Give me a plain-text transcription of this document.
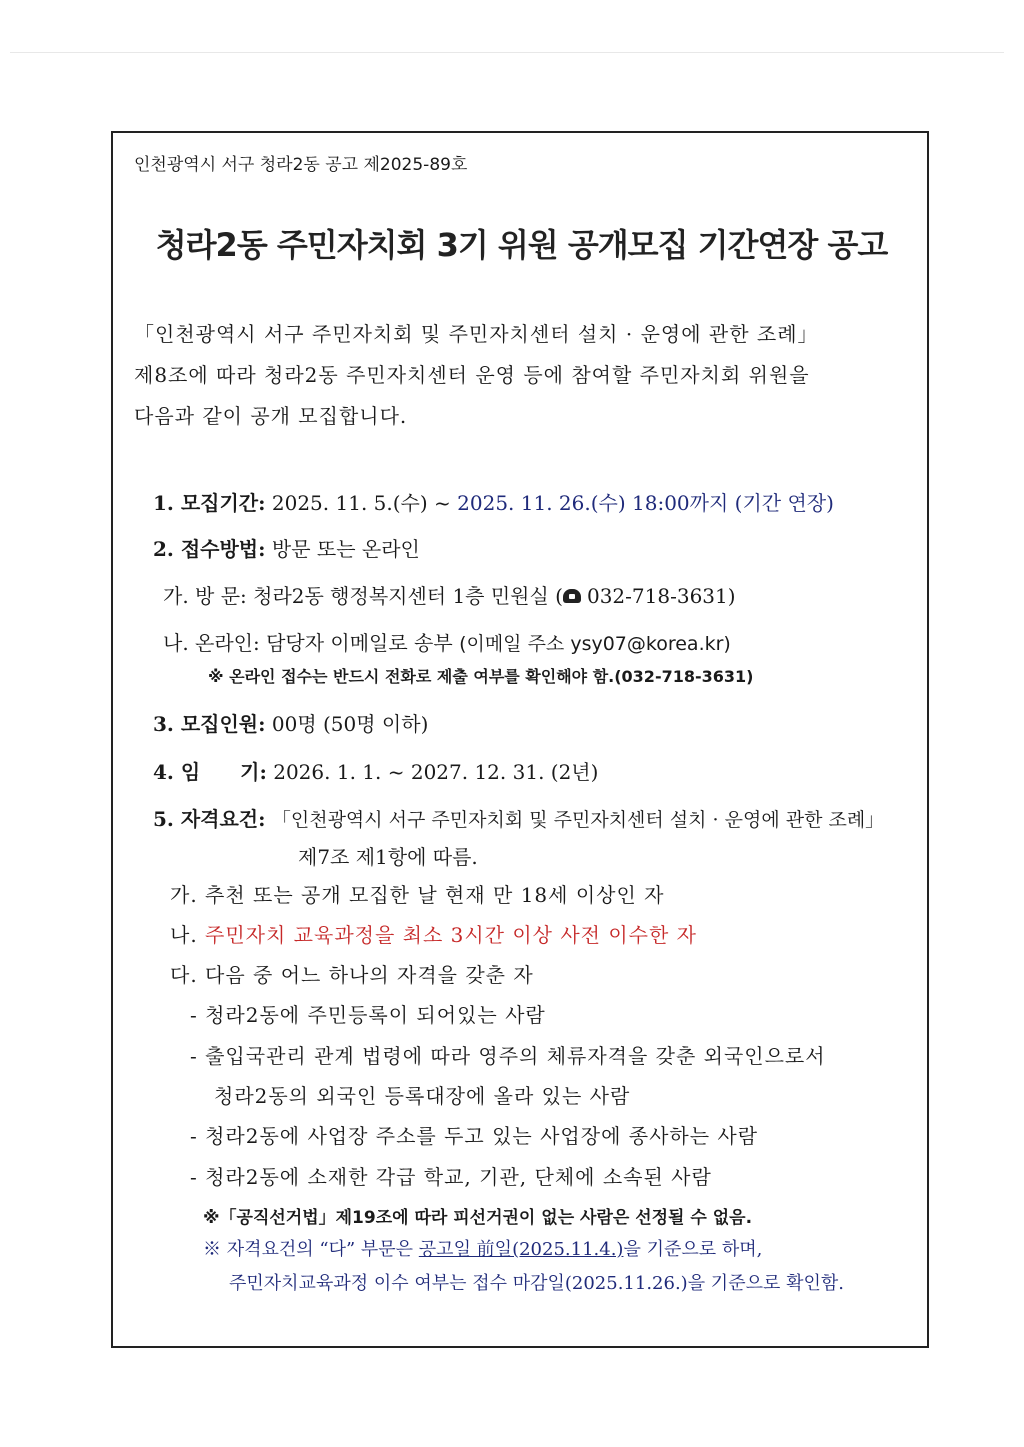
인천광역시 서구 청라2동 공고 제2025-89호
청라2동 주민자치회 3기 위원 공개모집 기간연장 공고
「인천광역시 서구 주민자치회 및 주민자치센터 설치 · 운영에 관한 조례」
제8조에 따라 청라2동 주민자치센터 운영 등에 참여할 주민자치회 위원을
다음과 같이 공개 모집합니다.
1. 모집기간: 2025. 11. 5.(수) ~ 2025. 11. 26.(수) 18:00까지 (기간 연장)
2. 접수방법: 방문 또는 온라인
가. 방 문: 청라2동 행정복지센터 1층 민원실 ( 032-718-3631)
나. 온라인: 담당자 이메일로 송부 (이메일 주소 ysy07@korea.kr)
※ 온라인 접수는 반드시 전화로 제출 여부를 확인해야 함.(032-718-3631)
3. 모집인원: 00명 (50명 이하)
4. 임　　기: 2026. 1. 1. ~ 2027. 12. 31. (2년)
5. 자격요건: 「인천광역시 서구 주민자치회 및 주민자치센터 설치 · 운영에 관한 조례」
제7조 제1항에 따름.
가. 추천 또는 공개 모집한 날 현재 만 18세 이상인 자
나. 주민자치 교육과정을 최소 3시간 이상 사전 이수한 자
다. 다음 중 어느 하나의 자격을 갖춘 자
- 청라2동에 주민등록이 되어있는 사람
- 출입국관리 관계 법령에 따라 영주의 체류자격을 갖춘 외국인으로서
청라2동의 외국인 등록대장에 올라 있는 사람
- 청라2동에 사업장 주소를 두고 있는 사업장에 종사하는 사람
- 청라2동에 소재한 각급 학교, 기관, 단체에 소속된 사람
※「공직선거법」제19조에 따라 피선거권이 없는 사람은 선정될 수 없음.
※ 자격요건의 “다” 부문은 공고일 前일(2025.11.4.)을 기준으로 하며,
주민자치교육과정 이수 여부는 접수 마감일(2025.11.26.)을 기준으로 확인함.
